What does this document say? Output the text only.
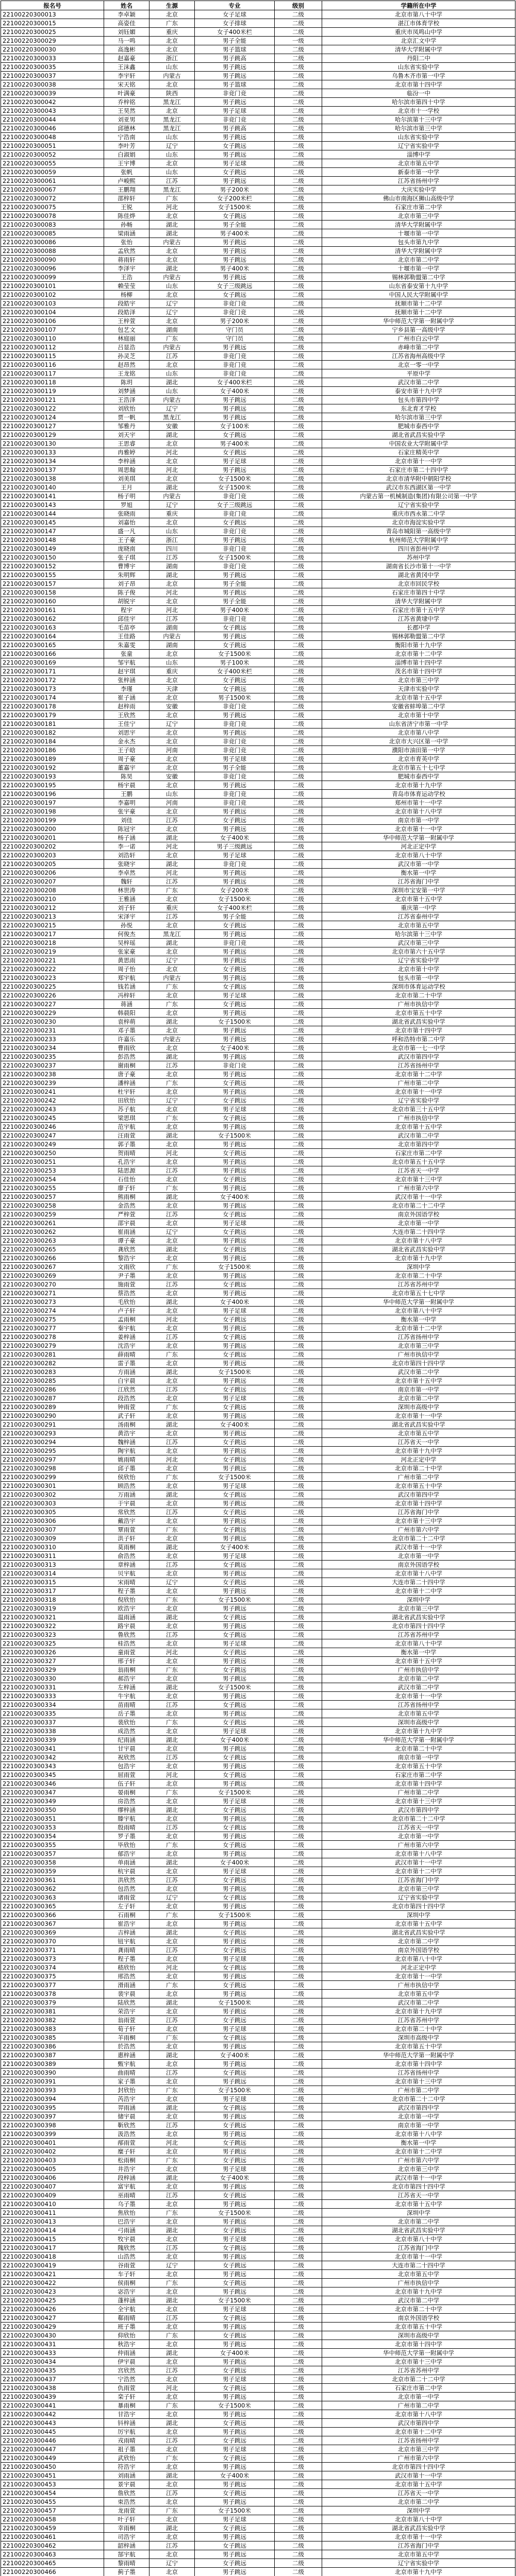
报名号	姓名	生源	专业	级别	学籍所在中学
22100220300013	李卓颖	北京	女子足球	二级	北京市第八十中学
22100220300015	高姿佳	广东	女子排球	二级	湛江市体育学校
22100220300025	刘钰媚	重庆	女子400米栏	二级	重庆市凤鸣山中学
22100220300029	马一鸣	北京	男子全能	一级	北京汇文中学
22100220300030	高逸彬	北京	男子篮球	二级	清华大学附属中学
22100220300033	赵嘉豪	浙江	男子跳高	二级	丹阳二中
22100220300035	王沫鑫	山东	男子跳远	二级	山东省实验中学
22100220300037	李宇轩	内蒙古	男子跳远	二级	乌鲁木齐市第一中学
22100220300038	宋天铭	北京	男子篮球	二级	北京市第十四中学
22100220300039	叶满豪	陕西	非竞门竞	二级	临汾一中
22100220300042	乔梓铭	黑龙江	男子跳远	二级	哈尔滨市第四十中学
22100220300043	王昊然	北京	男子足球	二级	北京市十一学校
22100220300044	刘亚男	黑龙江	非竞门竞	二级	哈尔滨第十三中学
22100220300046	邱德林	黑龙江	男子跳高	二级	哈尔滨市第三中学
22100220300048	宁浩南	山东	男子跳远	二级	山东省实验中学
22100220300051	李叶芳	辽宁	女子跳远	二级	辽宁省实验中学
22100220300052	白淑娟	山东	男子跳远	二级	淄博中学
22100220300055	王宇博	北京	男子足球	二级	北京市第五中学
22100220300059	张帆	山东	女子跳远	二级	新泰市第一中学
22100220300061	卢峻熙	江苏	男子跳远	二级	江苏省扬州中学
22100220300067	王鹏翔	黑龙江	男子200米	二级	大庆实验中学
22100220300072	邵梓轩	广东	女子200米栏	二级	佛山市南海区狮山高级中学
22100220300075	王锐	河北	女子1500米	二级	石家庄市第二中学
22100220300078	陈佳烨	北京	女子跳远	二级	北京市第三中学
22100220300083	孙畅	湖北	男子全能	二级	清华大学附属中学
22100220300085	梁雨涵	湖北	男子400米	二级	十堰市第一中学
22100220300086	张怡	内蒙古	男子跳远	二级	包头市第九中学
22100220300088	孟欣然	北京	男子跳远	二级	清华大学附属中学
22100220300090	蒋雨轩	北京	男子跳远	二级	北京市第二中学
22100220300096	李泽宇	湖北	男子400米	二级	十堰市第一中学
22100220300099	王浩	内蒙古	男子跳远	二级	锡林郭勒盟第二中学
22100220300101	赖莹莹	山东	女子三级跳远	二级	山东省泰安第十九中学
22100220300102	杨柳	北京	女子跳远	二级	中国人民大学附属中学
22100220300103	段皓宇	辽宁	非竞门竞	二级	抚顺市第十二中学
22100220300104	段皓泽	辽宁	非竞门竞	二级	抚顺市第十二中学
22100220300106	王梓萱	北京	男子200米	二级	华中师范大学第一附属中学
22100220300107	包艺文	湖南	守门员	二级	宁乡县第一高级中学
22100220300110	林庭丽	广东	守门员	二级	广州市白云中学
22100220300112	吕显浩	内蒙古	男子跳远	二级	赤峰市第二中学
22100220300115	孙灵芝	江苏	非竞门竞	二级	江苏省海州高级中学
22100220300116	赵昂然	北京	非竞门竞	二级	北京一零一中学
22100220300117	王龙铭	山东	非竞门竞	二级	平原中学
22100220300118	陈玥	湖北	女子400米栏	二级	武汉市第二中学
22100220300119	刘梦涵	山东	女子400米	二级	泰安市第十九中学
22100220300121	王浩泽	内蒙古	男子跳远	二级	包头市第四中学
22100220300122	刘欣怡	辽宁	男子跳远	二级	东北育才学校
22100220300124	贾一帆	黑龙江	男子跳远	二级	哈尔滨市第三中学
22100220300127	邹雅丹	安徽	女子100米	二级	肥城市泰西中学
22100220300129	刘天宇	湖北	女子跳远	二级	湖北省武昌实验中学
22100220300130	王思睿	北京	男子400米	二级	中国农业大学附属中学
22100220300133	冉雅婷	河北	女子跳远	二级	石家庄精英中学
22100220300134	李梓涵	北京	男子足球	二级	北京市第十一中学
22100220300137	周思翰	河北	男子跳远	二级	石家庄市第二十四中学
22100220300138	刘美琪	北京	女子1500米	二级	北京市清华附中朝阳学校
22100220300140	王月	湖北	女子1500米	二级	武汉市东西湖区第一中学
22100220300141	杨子明	内蒙古	非竞门竞	二级	内蒙古第一机械制造(集团)有限公司第一中学
22100220300143	罗旭	辽宁	女子三级跳远	二级	辽宁省实验中学
22100220300144	张晓雨	重庆	非竞门竞	二级	重庆市西永第二中学
22100220300145	刘嘉怡	北京	女子跳远	二级	北京市海淀实验中学
22100220300147	盛一凡	山东	非竞门竞	二级	青岛市城阳第一高级中学
22100220300148	王子豪	浙江	男子跳远	二级	杭州师范大学附属中学
22100220300149	庞晓南	四川	非竞门竞	二级	四川省彭州中学
22100220300150	张子琪	江苏	女子1500米	二级	苏州中学
22100220300152	曹博宇	湖南	非竞门竞	二级	湖南省长沙市第十一中学
22100220300155	朱明辉	湖北	男子跳远	二级	湖北省黄冈中学
22100220300157	刘子昂	北京	男子全能	二级	北京市回民学校
22100220300158	陈子俊	河北	男子跳远	二级	石家庄市第四十中学
22100220300160	胡锐宇	北京	男子全能	二级	清华大学附属中学
22100220300161	程宇	河北	男子400米	二级	石家庄市第十五中学
22100220300162	邱佳宇	江苏	非竞门竞	二级	江苏省黄埭中学
22100220300163	毛苗亭	湖南	女子跳远	二级	长郡中学
22100220300164	王佳路	内蒙古	男子跳远	二级	锡林郭勒盟第二中学
22100220300165	朱嘉雯	湖南	女子跳远	二级	衡阳市第十九中学
22100220300166	张童	北京	女子1500米	二级	北京市第十二中学
22100220300169	邹宇航	山东	男子100米	二级	淄博市第十四中学
22100220300171	赵宇琪	重庆	女子400米栏	二级	茂名市第十四中学
22100220300172	张梓涵	北京	女子跳远	二级	北京市第三中学
22100220300173	李瑾	天津	女子跳远	二级	天津市实验中学
22100220300174	崔子涵	北京	男子1500米	二级	北京市第十五中学
22100220300178	赵梓雨	安徽	非竞门竞	二级	安徽省蚌埠第二中学
22100220300179	王欣然	北京	男子跳远	二级	北京市第十中学
22100220300181	王佳宁	辽宁	非竞门竞	二级	山东省济宁市第一中学
22100220300182	刘思宇	北京	男子跳远	二级	北京市第八中学
22100220300184	金永杰	北京	非竞门竞	二级	北京市大兴区第一中学
22100220300186	王子晗	河南	非竞门竞	二级	濮阳市油田第一中学
22100220300189	周子豪	北京	男子足球	二级	北京市育英中学
22100220300192	董嘉宇	北京	男子全能	二级	北京市第五十七中学
22100220300193	陈昊	安徽	非竞门竞	二级	肥城市泰西中学
22100220300195	杨宇晨	北京	男子跳远	二级	北京市第十九中学
22100220300196	王鹏	山东	非竞门竞	二级	青岛市体育运动学校
22100220300197	李嘉明	河南	非竞门竞	二级	郑州市第十一中学
22100220300198	张宇豪	北京	男子跳远	二级	北京市第十八中学
22100220300199	刘佳	江苏	女子跳远	二级	南京市第一中学
22100220300200	陈冠宇	北京	男子跳远	二级	北京市第十一中学
22100220300201	杨子涵	湖北	女子400米	二级	华中师范大学第一附属中学
22100220300202	李一诺	河北	男子三级跳远	二级	河北正定中学
22100220300203	刘浩轩	北京	男子足球	二级	北京市第八十中学
22100220300205	张晓宇	湖北	非竞门竞	二级	武汉市第一中学
22100220300206	李卓然	河北	男子跳远	二级	衡水第一中学
22100220300207	魏轩	江苏	男子跳远	二级	江苏省海门中学
22100220300208	林世涛	广东	女子200米	二级	深圳市宝安第一中学
22100220300210	王雅涵	北京	女子1500米	二级	北京市第十五中学
22100220300212	刘子轩	重庆	女子400米栏	二级	重庆第一中学
22100220300213	宋泽宇	江苏	男子全能	二级	江苏省泰州中学
22100220300215	孙悦	北京	女子跳远	二级	北京市第五中学
22100220300217	何俊杰	黑龙江	男子跳远	二级	哈尔滨第十三中学
22100220300218	吴梓瑶	湖北	非竞门竞	二级	武汉市第三中学
22100220300219	张家豪	北京	男子跳远	二级	北京市第六十五中学
22100220300221	黄思雨	辽宁	男子跳远	二级	辽宁省实验中学
22100220300222	周子怡	北京	女子跳远	二级	北京市第十中学
22100220300223	郑宇航	内蒙古	男子跳远	二级	包头市第一中学
22100220300225	钱若涵	广东	女子跳远	二级	深圳市体育运动学校
22100220300226	冯梓轩	北京	男子足球	二级	北京市第二十中学
22100220300227	蒋涵	广东	女子跳远	二级	广州市执信中学
22100220300229	韩晨阳	北京	男子跳远	二级	北京市第五十中学
22100220300230	袁梓萌	湖北	女子1500米	二级	湖北省武昌实验中学
22100220300231	邓子墨	北京	男子跳远	二级	北京市第十四中学
22100220300233	许嘉乐	内蒙古	男子跳远	二级	呼和浩特市第二中学
22100220300234	曹雨欣	北京	女子400米	二级	北京市第一七一中学
22100220300235	彭浩然	湖北	男子跳远	二级	武汉市第四中学
22100220300237	谢雨桐	江苏	非竞门竞	二级	江苏省扬州中学
22100220300238	唐子豪	北京	男子跳远	二级	北京市第十二中学
22100220300239	潘梓涵	广东	女子跳远	二级	广州市第二中学
22100220300241	杜宇轩	北京	男子跳远	二级	北京市第十一中学
22100220300242	田欣怡	辽宁	女子跳远	二级	辽宁省实验中学
22100220300243	苏子航	北京	男子足球	二级	北京市第三十五中学
22100220300245	梁思琪	广东	女子跳远	二级	广州市执信中学
22100220300246	范宇航	北京	男子跳远	二级	北京市第十五中学
22100220300247	汪雨萱	湖北	女子1500米	二级	武汉市第二中学
22100220300249	郭子墨	北京	男子跳远	二级	北京市第四中学
22100220300250	贺雨晴	河北	女子跳远	二级	石家庄市第二中学
22100220300251	孔浩宇	北京	男子跳远	二级	北京市第五十五中学
22100220300253	陆思源	江苏	男子跳远	二级	江苏省天一中学
22100220300254	石佳怡	北京	女子跳远	二级	北京市第十三中学
22100220300255	廖子轩	广东	男子跳远	二级	广州市第六中学
22100220300257	熊雨桐	湖北	女子400米	二级	武汉市第十一中学
22100220300258	金浩然	北京	男子跳远	二级	北京市第二十二中学
22100220300259	严梓萱	江苏	女子跳远	二级	南京外国语学校
22100220300261	邵宇晨	北京	男子足球	二级	北京市第一中学
22100220300262	崔雨涵	辽宁	女子跳远	二级	大连市第二十四中学
22100220300263	谭子豪	北京	男子跳远	二级	北京市第十八中学
22100220300265	龚欣然	湖北	女子跳远	二级	湖北省武昌实验中学
22100220300266	黎浩宇	北京	男子跳远	二级	北京市第十九中学
22100220300267	文雨欣	广东	女子1500米	二级	深圳中学
22100220300269	尹子墨	北京	男子跳远	二级	北京市第二十中学
22100220300270	施雨萱	江苏	女子跳远	二级	江苏省苏州中学
22100220300271	蔡浩然	北京	男子跳远	二级	北京市第五十七中学
22100220300273	毛欣怡	湖北	女子400米	二级	华中师范大学第一附属中学
22100220300274	卢子轩	北京	男子足球	二级	北京市第八十中学
22100220300275	孟雨桐	河北	女子跳远	二级	衡水第一中学
22100220300277	秦宇航	北京	男子跳远	二级	北京市第十二中学
22100220300278	姜梓涵	江苏	女子跳远	二级	江苏省扬州中学
22100220300279	沈浩宇	北京	男子跳远	二级	北京市第三中学
22100220300281	薛雨晴	广东	女子跳远	二级	广州市执信中学
22100220300282	雷子墨	北京	男子跳远	二级	北京市第四十四中学
22100220300283	方雨涵	湖北	女子1500米	二级	武汉市第二中学
22100220300285	白宇晨	北京	男子跳远	二级	北京市第十五中学
22100220300286	江欣然	江苏	女子跳远	二级	南京市第一中学
22100220300287	段浩然	北京	男子足球	二级	北京市第二中学
22100220300289	钟雨萱	广东	女子跳远	二级	深圳市高级中学
22100220300290	武子轩	北京	男子跳远	二级	北京市第十一中学
22100220300291	汤雨桐	湖北	女子400米	二级	湖北省武昌实验中学
22100220300293	黄浩宇	北京	男子跳远	二级	北京市第五中学
22100220300294	魏梓涵	江苏	女子跳远	二级	江苏省天一中学
22100220300295	陶宇航	北京	男子跳远	二级	北京市第十九中学
22100220300297	姚雨晴	河北	女子跳远	二级	河北正定中学
22100220300298	邱子墨	北京	男子跳远	二级	北京市第二十中学
22100220300299	侯欣怡	广东	女子1500米	二级	广州市第二中学
22100220300301	顾浩然	北京	男子足球	二级	北京市第五十中学
22100220300302	万雨涵	湖北	女子跳远	二级	武汉市第四中学
22100220300303	于宇晨	北京	男子跳远	二级	北京市第十四中学
22100220300305	常欣然	江苏	女子跳远	二级	江苏省海门中学
22100220300306	戴浩宇	北京	男子跳远	二级	北京市第十三中学
22100220300307	覃雨萱	广东	女子跳远	二级	广州市第六中学
22100220300309	洪子轩	北京	男子跳远	二级	北京市第二十二中学
22100220300310	莫雨桐	湖北	女子400米	二级	武汉市第十一中学
22100220300311	俞浩然	北京	男子足球	二级	北京市第一中学
22100220300313	章梓涵	江苏	女子跳远	二级	南京外国语学校
22100220300314	贝宇航	北京	男子跳远	二级	北京市第十八中学
22100220300315	宋雨晴	辽宁	女子跳远	二级	大连市第二十四中学
22100220300317	程子墨	北京	男子跳远	二级	北京市第十二中学
22100220300318	倪欣怡	广东	女子1500米	二级	深圳中学
22100220300319	欧浩宇	北京	男子跳远	二级	北京市第三中学
22100220300321	温雨涵	湖北	女子跳远	二级	湖北省武昌实验中学
22100220300322	路宇晨	北京	男子跳远	二级	北京市第四十四中学
22100220300323	鲁欣然	江苏	女子跳远	二级	江苏省苏州中学
22100220300325	桂浩然	北京	男子足球	二级	北京市第八十中学
22100220300326	童雨萱	河北	女子跳远	二级	衡水第一中学
22100220300327	邢子轩	北京	男子跳远	二级	北京市第十五中学
22100220300329	翁雨桐	广东	女子跳远	二级	广州市执信中学
22100220300330	郝浩宇	北京	男子跳远	二级	北京市第二中学
22100220300331	左梓涵	湖北	女子1500米	二级	武汉市第二中学
22100220300333	牛宇航	北京	男子跳远	二级	北京市第十一中学
22100220300334	苗雨晴	江苏	女子跳远	二级	江苏省扬州中学
22100220300335	岳子墨	北京	男子跳远	二级	北京市第五中学
22100220300337	裴欣怡	广东	女子跳远	二级	深圳市高级中学
22100220300338	成浩然	北京	男子足球	二级	北京市第十九中学
22100220300339	纪雨涵	湖北	女子400米	二级	华中师范大学第一附属中学
22100220300341	甘宇晨	北京	男子跳远	二级	北京市第二十中学
22100220300342	祝欣然	江苏	女子跳远	二级	南京市第一中学
22100220300343	包浩宇	北京	男子跳远	二级	北京市第五十中学
22100220300345	屈雨萱	河北	女子跳远	二级	石家庄市第二中学
22100220300346	伍子轩	北京	男子跳远	二级	北京市第十四中学
22100220300347	晏雨桐	广东	女子1500米	二级	广州市第二中学
22100220300349	房浩然	北京	男子足球	二级	北京市第十三中学
22100220300350	缪梓涵	湖北	女子跳远	二级	武汉市第四中学
22100220300351	滕宇航	北京	男子跳远	二级	北京市第二十二中学
22100220300353	殷雨晴	江苏	女子跳远	二级	江苏省天一中学
22100220300354	罗子墨	北京	男子跳远	二级	北京市第一中学
22100220300355	毕欣怡	广东	女子跳远	二级	广州市第六中学
22100220300357	郁浩宇	北京	男子跳远	二级	北京市第十八中学
22100220300358	单雨涵	湖北	女子400米	二级	武汉市第十一中学
22100220300359	杭宇晨	北京	男子足球	二级	北京市第十二中学
22100220300361	洪欣然	江苏	女子跳远	二级	江苏省海门中学
22100220300362	包浩然	北京	男子跳远	二级	北京市第三中学
22100220300363	诸雨萱	辽宁	女子跳远	二级	辽宁省实验中学
22100220300365	左子轩	北京	男子跳远	二级	北京市第四十四中学
22100220300366	石雨桐	广东	女子1500米	二级	深圳中学
22100220300367	崔浩宇	北京	男子跳远	二级	北京市第十五中学
22100220300369	吉梓涵	湖北	女子跳远	二级	湖北省武昌实验中学
22100220300370	钮宇航	北京	男子跳远	二级	北京市第二中学
22100220300371	龚雨晴	江苏	女子跳远	二级	南京外国语学校
22100220300373	程子墨	北京	男子足球	二级	北京市第八十中学
22100220300374	嵇欣怡	河北	女子跳远	二级	河北正定中学
22100220300375	邢浩然	北京	男子跳远	二级	北京市第十一中学
22100220300377	滑雨涵	广东	女子跳远	二级	广州市执信中学
22100220300378	裴宇晨	北京	男子跳远	二级	北京市第五中学
22100220300379	陆欣然	湖北	女子1500米	二级	武汉市第二中学
22100220300381	荣浩宇	北京	男子跳远	二级	北京市第十九中学
22100220300382	翁雨萱	江苏	女子跳远	二级	江苏省苏州中学
22100220300383	荀子轩	北京	男子足球	二级	北京市第二十中学
22100220300385	羊雨桐	广东	女子跳远	二级	深圳市高级中学
22100220300386	於浩然	北京	男子跳远	二级	北京市第五十中学
22100220300387	惠梓涵	湖北	女子400米	二级	华中师范大学第一附属中学
22100220300389	甄宇航	北京	男子跳远	二级	北京市第十四中学
22100220300390	曲雨晴	江苏	女子跳远	二级	江苏省扬州中学
22100220300391	家子墨	北京	男子跳远	二级	北京市第十三中学
22100220300393	封欣怡	广东	女子1500米	二级	广州市第二中学
22100220300394	芮浩宇	北京	男子足球	二级	北京市第二十二中学
22100220300395	羿雨涵	湖北	女子跳远	二级	武汉市第四中学
22100220300397	储宇晨	北京	男子跳远	二级	北京市第一中学
22100220300398	靳欣然	江苏	女子跳远	二级	南京市第一中学
22100220300399	汲浩然	北京	男子跳远	二级	北京市第十八中学
22100220300401	邴雨萱	河北	女子跳远	二级	衡水第一中学
22100220300402	糜子轩	北京	男子跳远	二级	北京市第十二中学
22100220300403	松雨桐	广东	女子跳远	二级	广州市第六中学
22100220300405	井浩宇	北京	男子足球	二级	北京市第三中学
22100220300406	段梓涵	湖北	女子400米	二级	武汉市第十一中学
22100220300407	富宇航	北京	男子跳远	二级	北京市第四十四中学
22100220300409	巫雨晴	江苏	女子跳远	二级	江苏省天一中学
22100220300410	乌子墨	北京	男子跳远	二级	北京市第十五中学
22100220300411	焦欣怡	广东	女子1500米	二级	深圳中学
22100220300413	巴浩宇	北京	男子跳远	二级	北京市第二中学
22100220300414	弓雨涵	湖北	女子跳远	二级	湖北省武昌实验中学
22100220300415	牧宇晨	北京	男子足球	二级	北京市第八十中学
22100220300417	隗欣然	江苏	女子跳远	二级	江苏省海门中学
22100220300418	山浩然	北京	男子跳远	二级	北京市第十一中学
22100220300419	谷雨萱	辽宁	女子跳远	二级	大连市第二十四中学
22100220300421	车子轩	北京	男子跳远	二级	北京市第五中学
22100220300422	侯雨桐	广东	女子跳远	二级	广州市执信中学
22100220300423	宓浩宇	北京	男子跳远	二级	北京市第十九中学
22100220300425	蓬梓涵	湖北	女子1500米	二级	武汉市第二中学
22100220300426	全宇航	北京	男子足球	二级	北京市第二十中学
22100220300427	郗雨晴	江苏	女子跳远	二级	南京外国语学校
22100220300429	班子墨	北京	男子跳远	二级	北京市第五十中学
22100220300430	仰欣怡	广东	女子跳远	二级	深圳市高级中学
22100220300431	秋浩宇	北京	男子跳远	二级	北京市第十四中学
22100220300433	仲雨涵	湖北	女子400米	二级	华中师范大学第一附属中学
22100220300434	伊宇晨	北京	男子跳远	二级	北京市第十三中学
22100220300435	宫欣然	江苏	女子跳远	二级	江苏省苏州中学
22100220300437	宁浩然	北京	男子足球	二级	北京市第二十二中学
22100220300438	仇雨萱	河北	女子跳远	二级	石家庄市第二中学
22100220300439	栾子轩	北京	男子跳远	二级	北京市第一中学
22100220300441	暴雨桐	广东	女子1500米	二级	广州市第二中学
22100220300442	甘浩宇	北京	男子跳远	二级	北京市第十八中学
22100220300443	钭梓涵	湖北	女子跳远	二级	武汉市第四中学
22100220300445	厉宇航	北京	男子跳远	二级	北京市第十二中学
22100220300446	戎雨晴	江苏	女子跳远	二级	江苏省扬州中学
22100220300447	祖子墨	北京	男子足球	二级	北京市第三中学
22100220300449	武欣怡	广东	女子跳远	二级	广州市第六中学
22100220300450	符浩宇	北京	男子跳远	二级	北京市第四十四中学
22100220300451	刘雨涵	湖北	女子400米	二级	武汉市第十一中学
22100220300453	景宇晨	北京	男子跳远	二级	北京市第十五中学
22100220300454	詹欣然	江苏	女子跳远	二级	江苏省天一中学
22100220300455	束浩然	北京	男子跳远	二级	北京市第二中学
22100220300457	龙雨萱	广东	女子1500米	二级	深圳中学
22100220300458	叶子轩	北京	男子足球	二级	北京市第八十中学
22100220300459	幸雨桐	湖北	女子跳远	二级	湖北省武昌实验中学
22100220300461	司浩宇	北京	男子跳远	二级	北京市第十一中学
22100220300462	韶梓涵	江苏	女子跳远	二级	江苏省海门中学
22100220300463	郜宇航	北京	男子跳远	二级	北京市第五中学
22100220300465	黎雨晴	辽宁	女子跳远	二级	辽宁省实验中学
22100220300466	蓟子墨	北京	男子跳远	二级	北京市第十九中学
